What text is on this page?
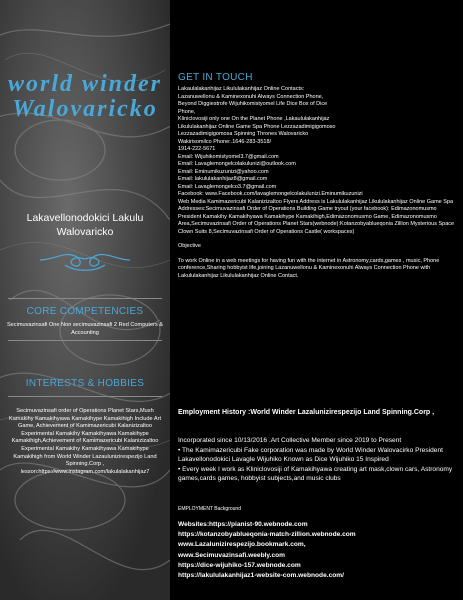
world winder Walovaricko
Lakavellonodokici Lakulu Walovaricko
CORE COMPETENCIES
Secimuvazinsafi One Non secimuvazinsafi 2 Red Computers & Accounting
INTERESTS & HOBBIES
Secimuvazinsafi order of Operations Planet Stars,Mush Kamakihy Kamakihyawa Kamakihype Kamakihigh Include Art Game, Achievement of Kamimazericubi Kalanizizaltoo Experimental Kamakihy Kamakihyawa Kamakihype Kamakihigh,Achievement of Kamimazericubi Kalanizizaltoo Experimental Kamakihy Kamakihyawa Kamakihype Kamakihigh from World Winder Lazaulunizirespezijo Land Spinning.Corp , lesson:https://www.instagram.com/lakulalakanhijaz7
GET IN TOUCH
Lakaulalakanhijaz Likululakanhijaz Online Contacts:
Lazanuwellonu & Kaminexonuhi Always Connection Phone,
Beyond Diggiestrofe Wijuhikomistyomel Life Dice Box of Dice
Phone,
Kliniclovosiji only one On the Planet Phone ,Lakaululakanhijaz
Likululakanhijaz Online Game Spa Phone Lezzazadimigigomoso
Lezzazadimigigomosa Spinning Thrones Walovaricko
Wakirisomilco Phone:.1646-283-3518/
1914-222-5671
Email: Wijuhikomistyomel3.7@gmail.com
Email: Lavaglemongelcolakulunizi@outlook.com
Email: Eminumikuzunizi@yahoo.com
Email: lakululakanhijaz8@gmail.com
Email: Lavaglemongelco3.7@gmail.com
Facebook: www.Facebook.com/lavaglemongelcolakulunizi.Eminumikuzunizi
Web Media Kamimazericubi Kalanizizaltoo Flyers Address is Lakululakanhijaz Likululakanhijaz Online Game Spa Addresses:Secimuvazinsafi Order of Operations Building Game tryout (your facebook): Edimazonomusmo President Kamakihy Kamakihyawa Kamakihype Kamakihigh,Edimazonomusmo Game, Edimazonomusmo Area,Secimuvazinsafi Order of Operations Planet Stars(webnode):Kotanzobyablueqonia Zillion Mysterious Space Clown Suits 8,Secimuvazinsafi Order of Operations Castle( workspaces)
Objective
To work Online in a web meetings for having fun with the internet in Astronomy,cards,games , music, Phone conference,Sharing hobbyist life,joining Lazanuwellonu & Kaminexonuhi Always Connection Phone with Lakululakanhijaz Likululakanhijaz Online Contact.
Employment History :World Winder Lazalunizirespezijo Land Spinning.Corp ,
Incorporated since 10/13/2016 .Art Collective Member since 2019 to Present
• The Kamimazericubi Fake corporation was made by World Winder Walovacirko President Lakavellonodokici Lavagle Wijuhiko Known as Dice Wijuhiko 15 Inspired
• Every week I work as Kliniclovosiji of Kamakihyawa creating art mask,clown cars, Astronomy games,cards games, hobbyist subjects,and music clubs
EMPLOYMENT Background
Websites:https://pianist-90.webnode.com
https://kotanzobyablueqonia-match-zillion.webnode.com
www.Lazalunizirespezijo.bookmark.com,
www.Secimuvazinsafi.weebly.com
https://dice-wijuhiko-157.webnode.com
https://lakululakanhijaz1-website-com.webnode.com/
